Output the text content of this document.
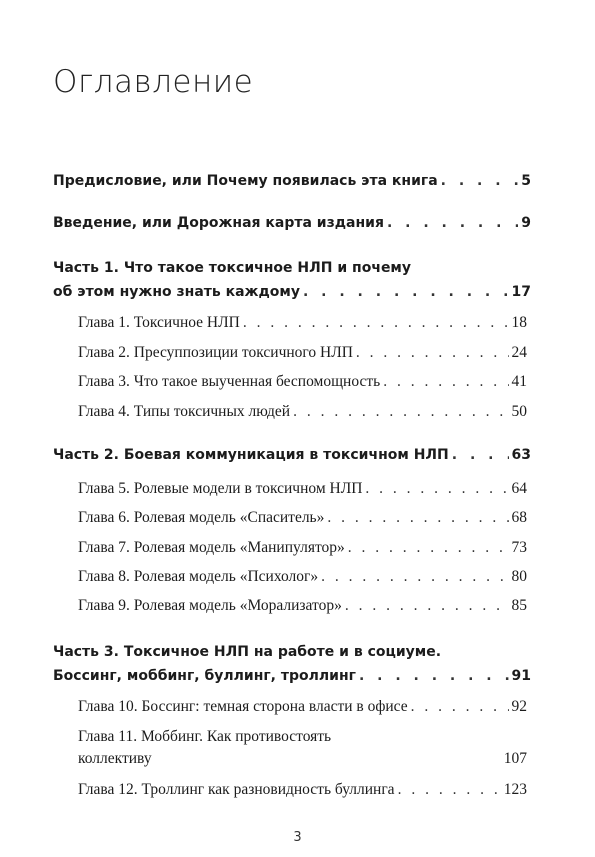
Оглавление
Предисловие, или Почему появилась эта книга . . .	5
Введение, или Дорожная карта издания . . .	9
Часть 1. Что такое токсичное НЛП и почему
об этом нужно знать каждому . . .	17
Глава 1. Токсичное НЛП . . .	18
Глава 2. Пресуппозиции токсичного НЛП . . .	24
Глава 3. Что такое выученная беспомощность . . .	41
Глава 4. Типы токсичных людей . . .	50
Часть 2. Боевая коммуникация в токсичном НЛП . . .	63
Глава 5. Ролевые модели в токсичном НЛП . . .	64
Глава 6. Ролевая модель «Спаситель» . . .	68
Глава 7. Ролевая модель «Манипулятор» . . .	73
Глава 8. Ролевая модель «Психолог» . . .	80
Глава 9. Ролевая модель «Морализатор» . . .	85
Часть 3. Токсичное НЛП на работе и в социуме.
Боссинг, моббинг, буллинг, троллинг . . .	91
Глава 10. Боссинг: темная сторона власти в офисе . . .	92
Глава 11. Моббинг. Как противостоять
коллективу	107
Глава 12. Троллинг как разновидность буллинга . . .	123
3
